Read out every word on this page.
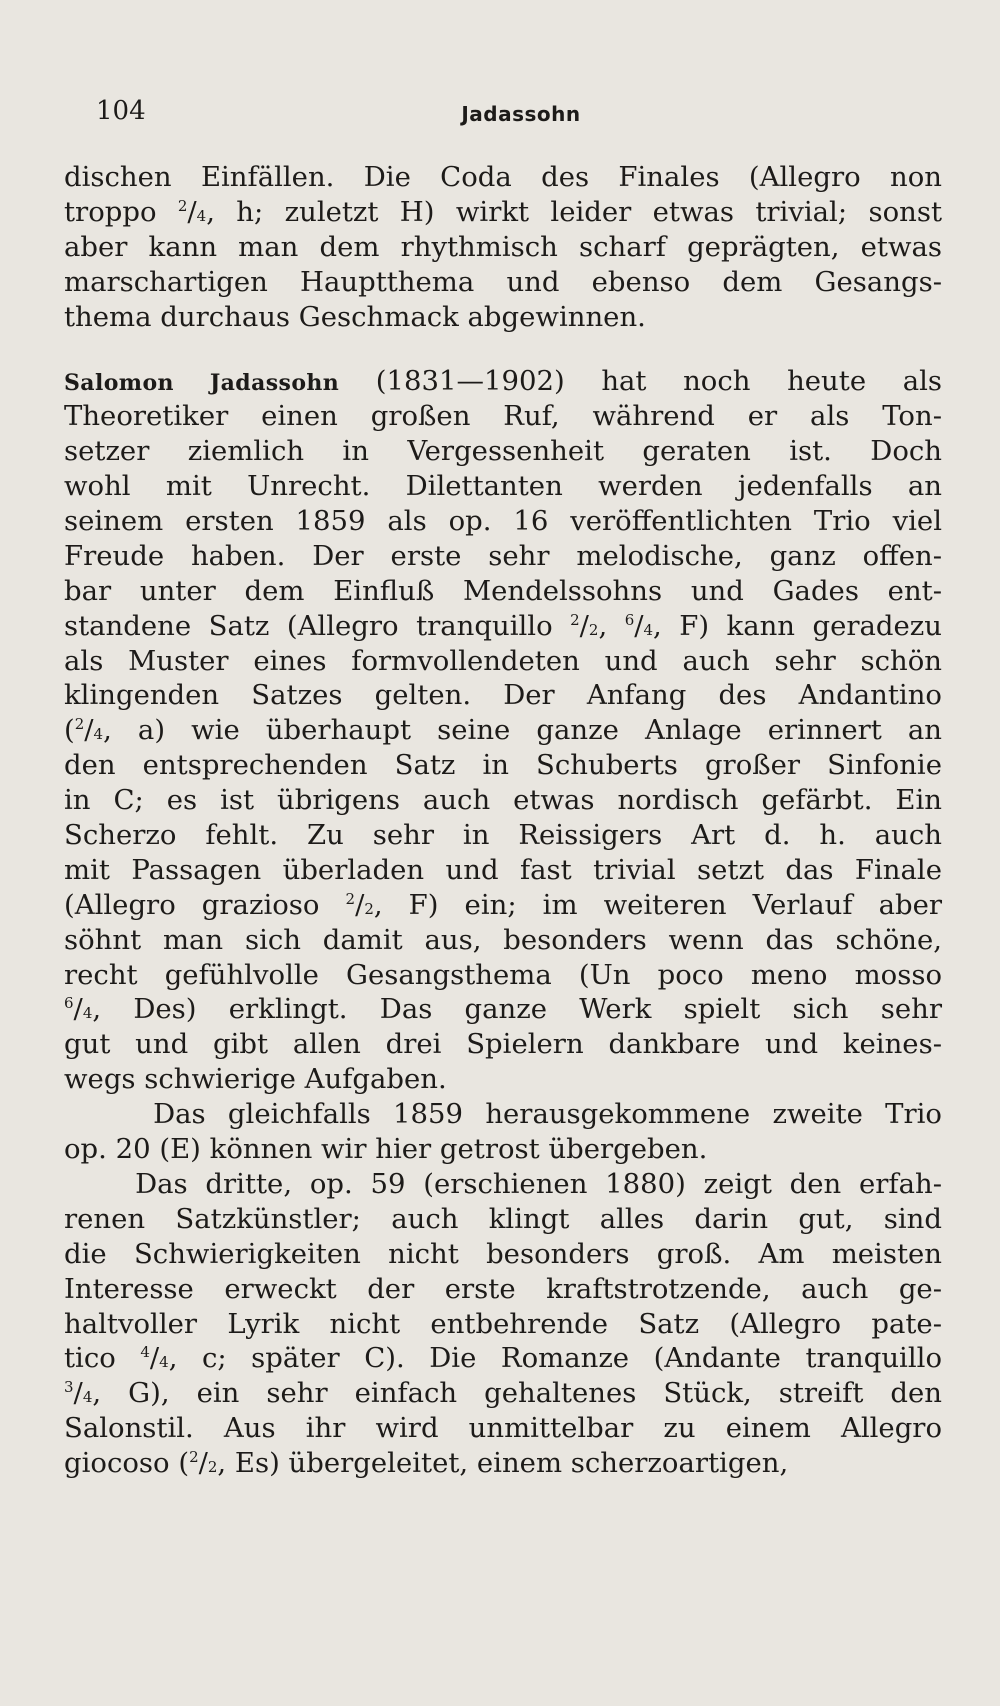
104	Jadassohn
dischen Einfällen. Die Coda des Finales (Allegro non
troppo $^2$/4, h; zuletzt H) wirkt leider etwas trivial; sonst
aber kann man dem rhythmisch scharf geprägten, etwas
marschartigen Hauptthema und ebenso dem Gesangs-
thema durchaus Geschmack abgewinnen.
Salomon Jadassohn (1831—1902) hat noch heute als
Theoretiker einen großen Ruf, während er als Ton-
setzer ziemlich in Vergessenheit geraten ist. Doch
wohl mit Unrecht. Dilettanten werden jedenfalls an
seinem ersten 1859 als op. 16 veröffentlichten Trio viel
Freude haben. Der erste sehr melodische, ganz offen-
bar unter dem Einfluß Mendelssohns und Gades ent-
standene Satz (Allegro tranquillo $^2$/2, $^6$/4, F) kann geradezu
als Muster eines formvollendeten und auch sehr schön
klingenden Satzes gelten. Der Anfang des Andantino
($^2$/4, a) wie überhaupt seine ganze Anlage erinnert an
den entsprechenden Satz in Schuberts großer Sinfonie
in C; es ist übrigens auch etwas nordisch gefärbt. Ein
Scherzo fehlt. Zu sehr in Reissigers Art d. h. auch
mit Passagen überladen und fast trivial setzt das Finale
(Allegro grazioso $^2$/2, F) ein; im weiteren Verlauf aber
söhnt man sich damit aus, besonders wenn das schöne,
recht gefühlvolle Gesangsthema (Un poco meno mosso
$^6$/4, Des) erklingt. Das ganze Werk spielt sich sehr
gut und gibt allen drei Spielern dankbare und keines-
wegs schwierige Aufgaben.
Das gleichfalls 1859 herausgekommene zweite Trio
op. 20 (E) können wir hier getrost übergeben.
Das dritte, op. 59 (erschienen 1880) zeigt den erfah-
renen Satzkünstler; auch klingt alles darin gut, sind
die Schwierigkeiten nicht besonders groß. Am meisten
Interesse erweckt der erste kraftstrotzende, auch ge-
haltvoller Lyrik nicht entbehrende Satz (Allegro pate-
tico $^4$/4, c; später C). Die Romanze (Andante tranquillo
$^3$/4, G), ein sehr einfach gehaltenes Stück, streift den
Salonstil. Aus ihr wird unmittelbar zu einem Allegro
giocoso ($^2$/2, Es) übergeleitet, einem scherzoartigen,
